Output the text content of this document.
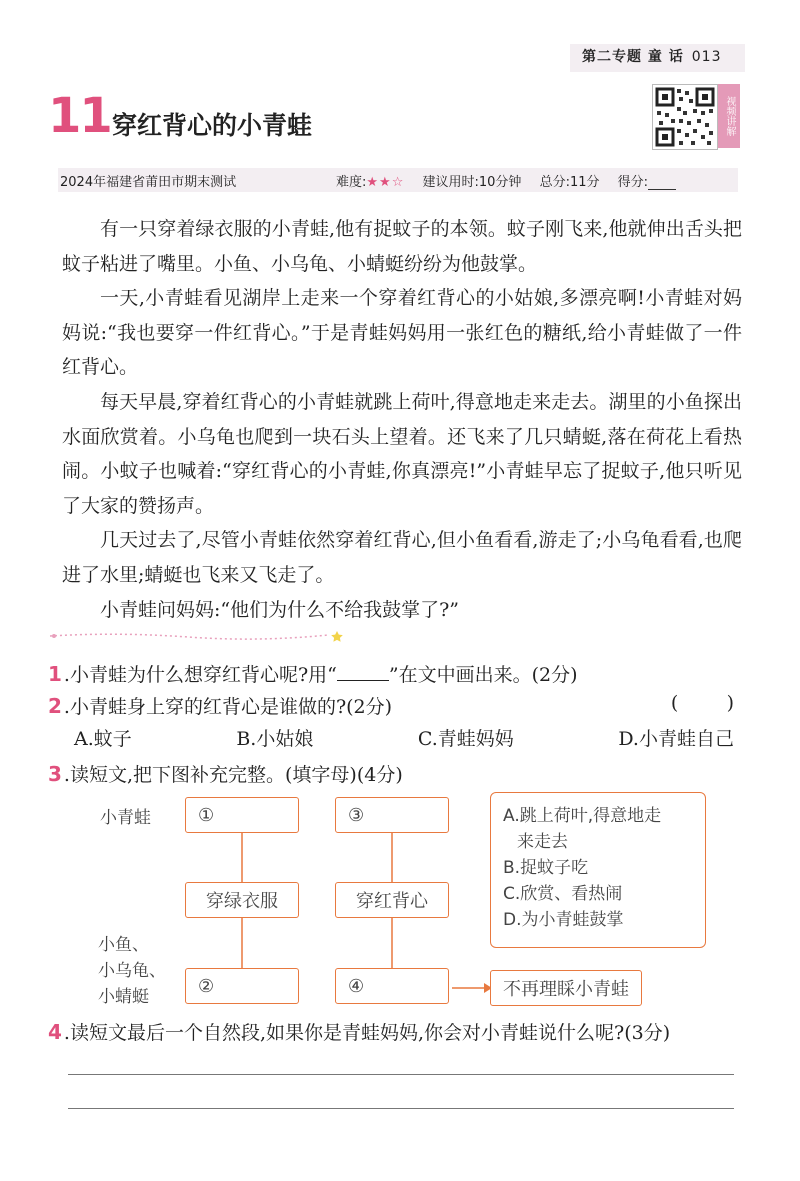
第二专题 童 话 013
11 穿红背心的小青蛙	视频讲解
2024年福建省莆田市期末测试	难度:★★☆ 建议用时:10分钟 总分:11分 得分:

有一只穿着绿衣服的小青蛙,他有捉蚊子的本领。蚊子刚飞来,他就伸出舌头把蚊子粘进了嘴里。小鱼、小乌龟、小蜻蜓纷纷为他鼓掌。

一天,小青蛙看见湖岸上走来一个穿着红背心的小姑娘,多漂亮啊!小青蛙对妈妈说:“我也要穿一件红背心。”于是青蛙妈妈用一张红色的糖纸,给小青蛙做了一件红背心。

每天早晨,穿着红背心的小青蛙就跳上荷叶,得意地走来走去。湖里的小鱼探出水面欣赏着。小乌龟也爬到一块石头上望着。还飞来了几只蜻蜓,落在荷花上看热闹。小蚊子也喊着:“穿红背心的小青蛙,你真漂亮!”小青蛙早忘了捉蚊子,他只听见了大家的赞扬声。

几天过去了,尽管小青蛙依然穿着红背心,但小鱼看看,游走了;小乌龟看看,也爬进了水里;蜻蜓也飞来又飞走了。

小青蛙问妈妈:“他们为什么不给我鼓掌了?”

1 .小青蛙为什么想穿红背心呢?用“	”在文中画出来。(2分)
2 .小青蛙身上穿的红背心是谁做的?(2分)	(        )
A.蚊子	B.小姑娘	C.青蛙妈妈	D.小青蛙自己
3 .读短文,把下图补充完整。(填字母)(4分)
小青蛙
小鱼、
小乌龟、
小蜻蜓
①	③
穿绿衣服	穿红背心
②	④	不再理睬小青蛙
A.跳上荷叶,得意地走
来走去
B.捉蚊子吃
C.欣赏、看热闹
D.为小青蛙鼓掌
4 .读短文最后一个自然段,如果你是青蛙妈妈,你会对小青蛙说什么呢?(3分)
